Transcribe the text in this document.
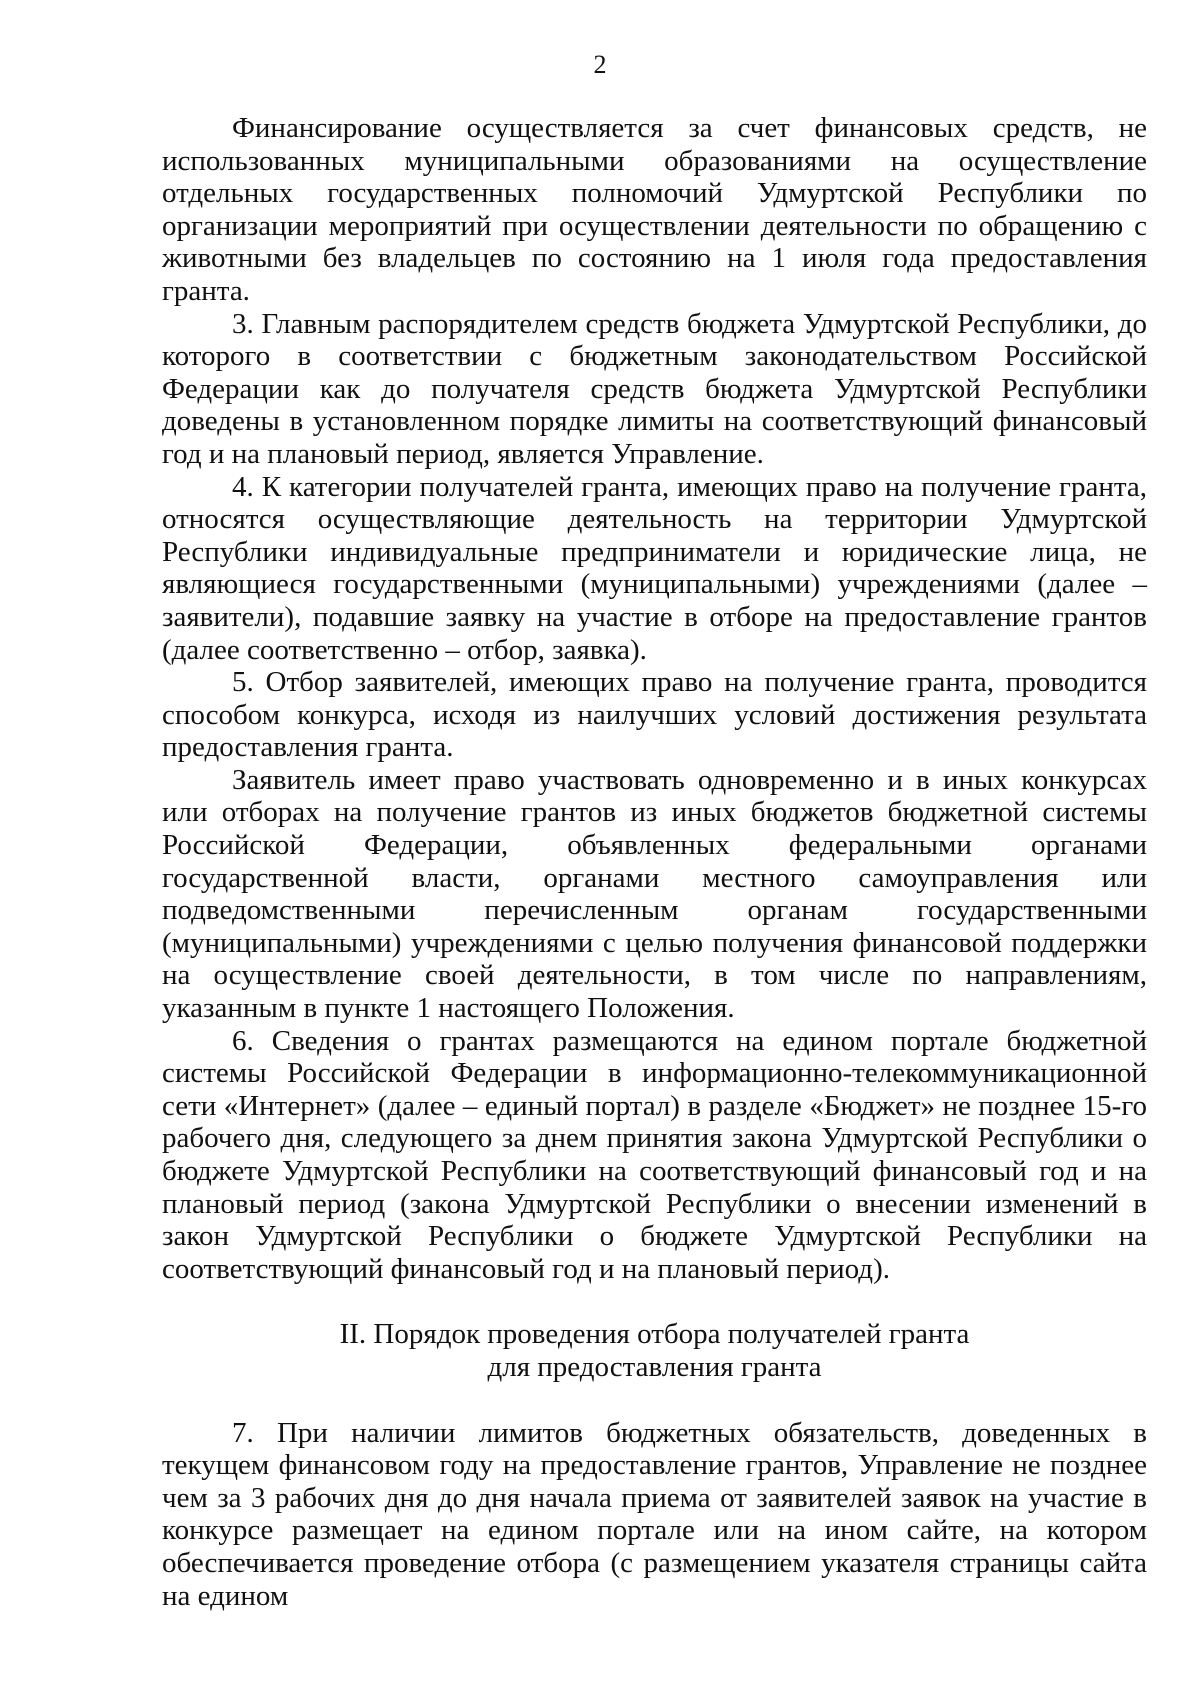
2

Финансирование осуществляется за счет финансовых средств, не использованных муниципальными образованиями на осуществление отдельных государственных полномочий Удмуртской Республики по организации мероприятий при осуществлении деятельности по обращению с животными без владельцев по состоянию на 1 июля года предоставления гранта.

3. Главным распорядителем средств бюджета Удмуртской Республики, до которого в соответствии с бюджетным законодательством Российской Федерации как до получателя средств бюджета Удмуртской Республики доведены в установленном порядке лимиты на соответствующий финансовый год и на плановый период, является Управление.

4. К категории получателей гранта, имеющих право на получение гранта, относятся осуществляющие деятельность на территории Удмуртской Республики индивидуальные предприниматели и юридические лица, не являющиеся государственными (муниципальными) учреждениями (далее – заявители), подавшие заявку на участие в отборе на предоставление грантов (далее соответственно – отбор, заявка).

5. Отбор заявителей, имеющих право на получение гранта, проводится способом конкурса, исходя из наилучших условий достижения результата предоставления гранта.

Заявитель имеет право участвовать одновременно и в иных конкурсах или отборах на получение грантов из иных бюджетов бюджетной системы Российской Федерации, объявленных федеральными органами государственной власти, органами местного самоуправления или подведомственными перечисленным органам государственными (муниципальными) учреждениями с целью получения финансовой поддержки на осуществление своей деятельности, в том числе по направлениям, указанным в пункте 1 настоящего Положения.

6. Сведения о грантах размещаются на едином портале бюджетной системы Российской Федерации в информационно-телекоммуникационной сети «Интернет» (далее – единый портал) в разделе «Бюджет» не позднее 15-го рабочего дня, следующего за днем принятия закона Удмуртской Республики о бюджете Удмуртской Республики на соответствующий финансовый год и на плановый период (закона Удмуртской Республики о внесении изменений в закон Удмуртской Республики о бюджете Удмуртской Республики на соответствующий финансовый год и на плановый период).

II. Порядок проведения отбора получателей гранта

для предоставления гранта

7. При наличии лимитов бюджетных обязательств, доведенных в текущем финансовом году на предоставление грантов, Управление не позднее чем за 3 рабочих дня до дня начала приема от заявителей заявок на участие в конкурсе размещает на едином портале или на ином сайте, на котором обеспечивается проведение отбора (с размещением указателя страницы сайта на едином
